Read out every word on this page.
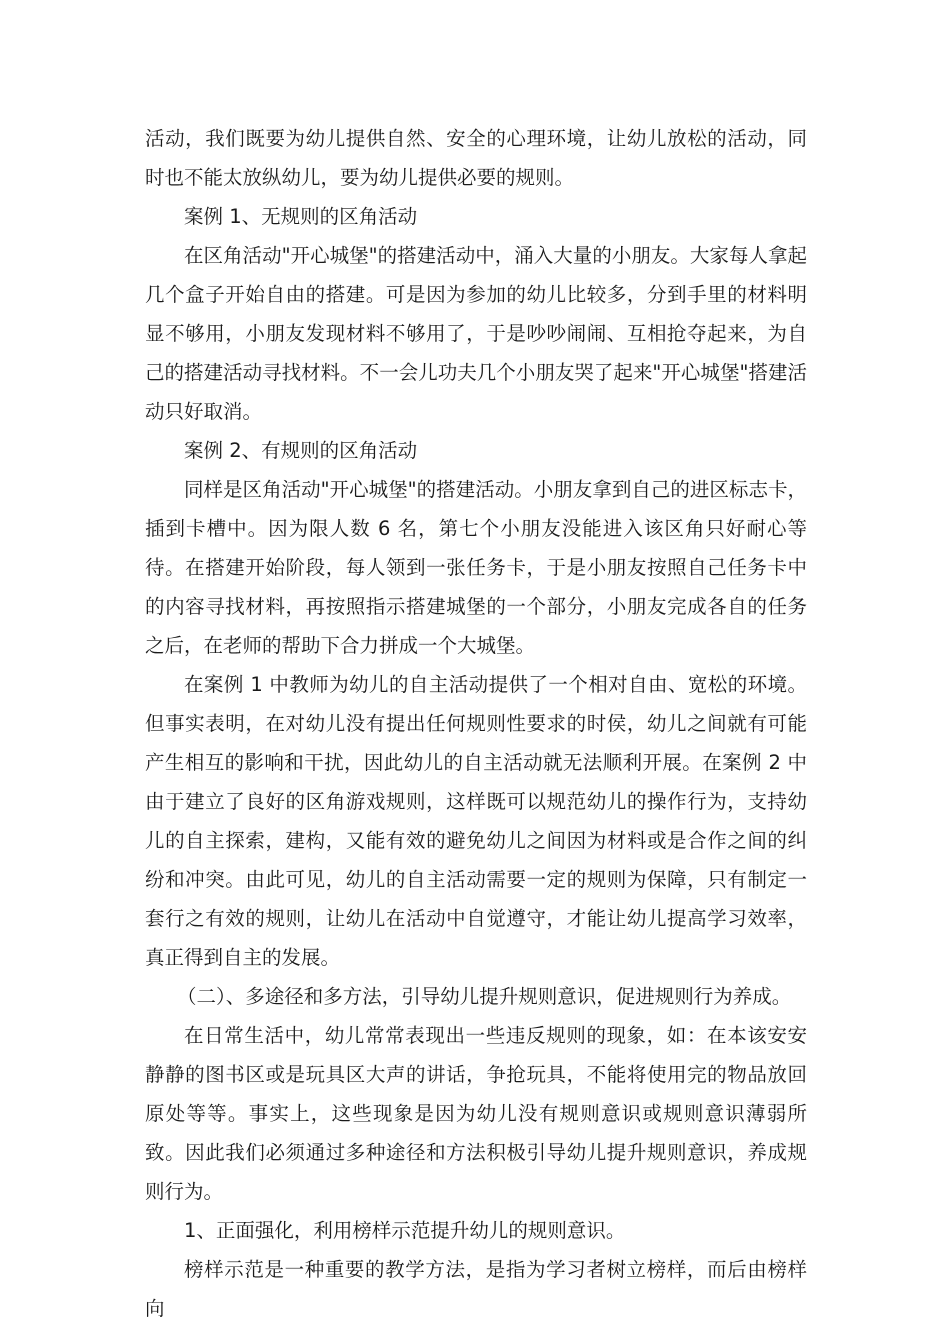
活动，我们既要为幼儿提供自然、安全的心理环境，让幼儿放松的活动，同时也不能太放纵幼儿，要为幼儿提供必要的规则。

案例 1、无规则的区角活动

在区角活动"开心城堡"的搭建活动中，涌入大量的小朋友。大家每人拿起几个盒子开始自由的搭建。可是因为参加的幼儿比较多，分到手里的材料明显不够用，小朋友发现材料不够用了，于是吵吵闹闹、互相抢夺起来，为自己的搭建活动寻找材料。不一会儿功夫几个小朋友哭了起来"开心城堡"搭建活动只好取消。

案例 2、有规则的区角活动

同样是区角活动"开心城堡"的搭建活动。小朋友拿到自己的进区标志卡，插到卡槽中。因为限人数 6 名，第七个小朋友没能进入该区角只好耐心等待。在搭建开始阶段，每人领到一张任务卡，于是小朋友按照自己任务卡中的内容寻找材料，再按照指示搭建城堡的一个部分，小朋友完成各自的任务之后，在老师的帮助下合力拼成一个大城堡。

在案例 1 中教师为幼儿的自主活动提供了一个相对自由、宽松的环境。但事实表明，在对幼儿没有提出任何规则性要求的时侯，幼儿之间就有可能产生相互的影响和干扰，因此幼儿的自主活动就无法顺利开展。在案例 2 中由于建立了良好的区角游戏规则，这样既可以规范幼儿的操作行为，支持幼儿的自主探索，建构，又能有效的避免幼儿之间因为材料或是合作之间的纠纷和冲突。由此可见，幼儿的自主活动需要一定的规则为保障，只有制定一套行之有效的规则，让幼儿在活动中自觉遵守，才能让幼儿提高学习效率，真正得到自主的发展。

（二）、多途径和多方法，引导幼儿提升规则意识，促进规则行为养成。

在日常生活中，幼儿常常表现出一些违反规则的现象，如：在本该安安静静的图书区或是玩具区大声的讲话，争抢玩具，不能将使用完的物品放回原处等等。事实上，这些现象是因为幼儿没有规则意识或规则意识薄弱所致。因此我们必须通过多种途径和方法积极引导幼儿提升规则意识，养成规则行为。

1、正面强化，利用榜样示范提升幼儿的规则意识。

榜样示范是一种重要的教学方法，是指为学习者树立榜样，而后由榜样向
